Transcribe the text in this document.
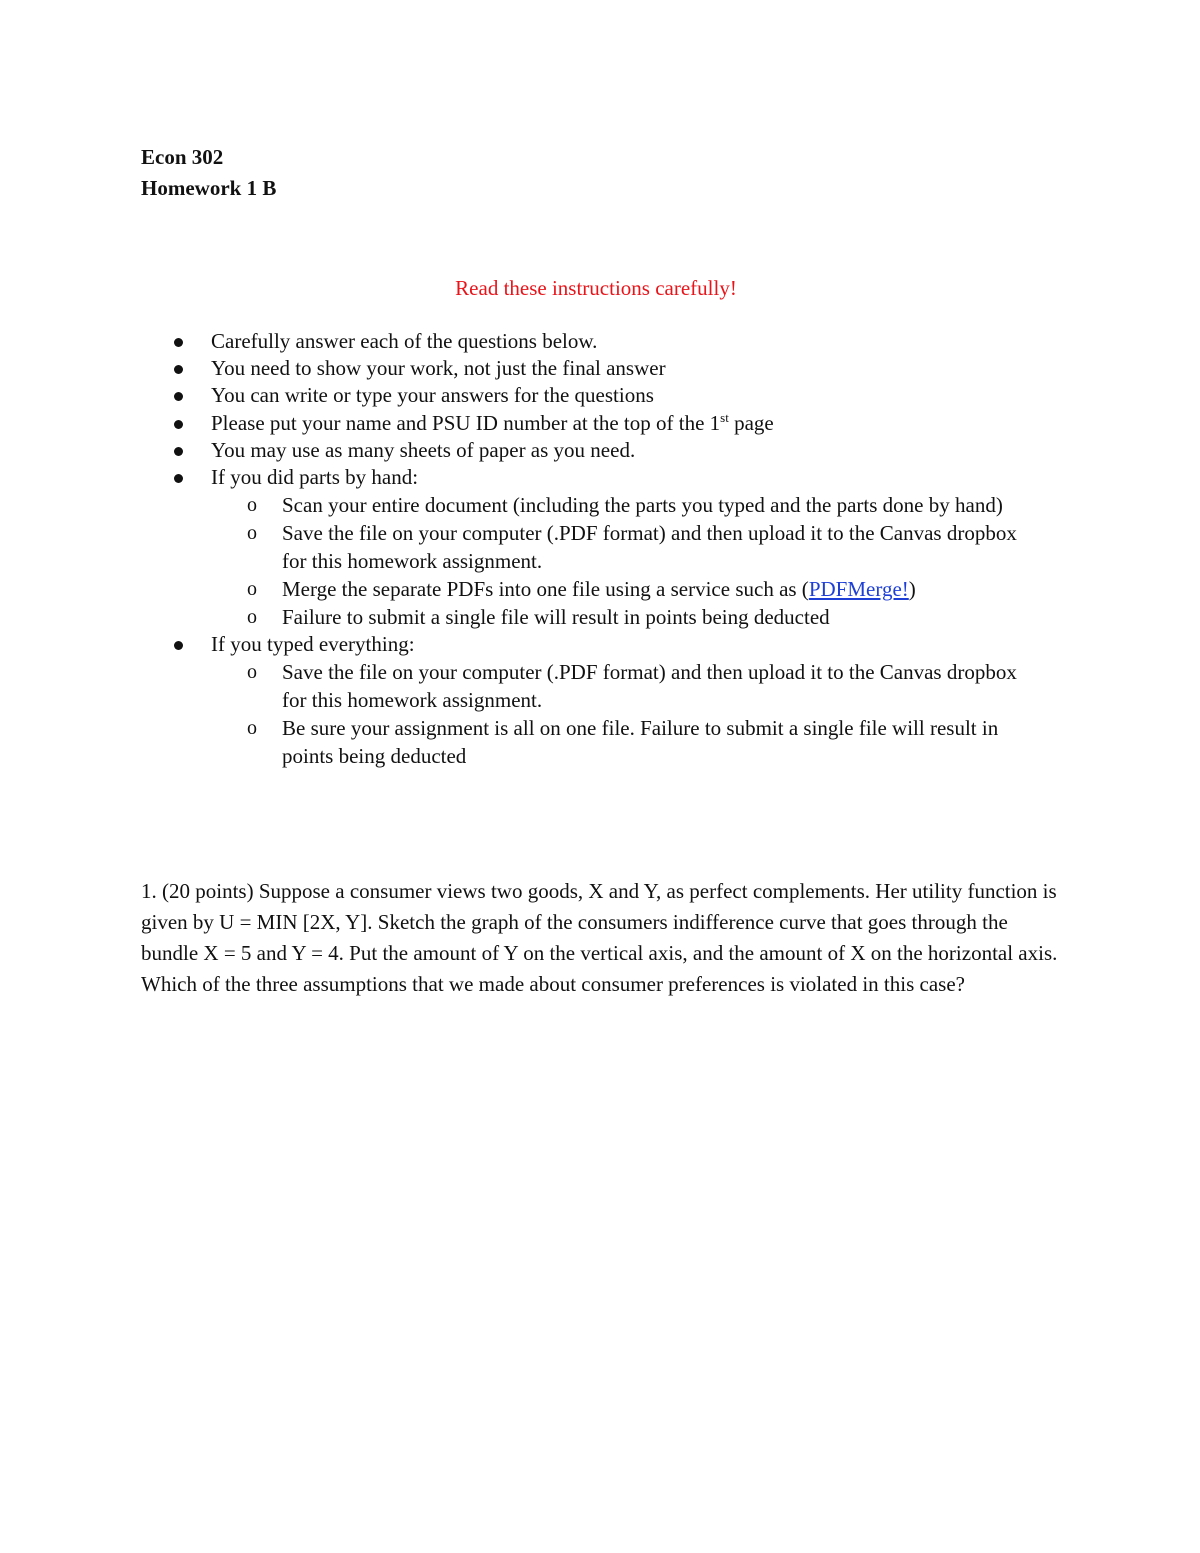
Econ 302
Homework 1 B
Read these instructions carefully!
Carefully answer each of the questions below.
You need to show your work, not just the final answer
You can write or type your answers for the questions
Please put your name and PSU ID number at the top of the 1st page
You may use as many sheets of paper as you need.
If you did parts by hand:
o Scan your entire document (including the parts you typed and the parts done by hand)
o Save the file on your computer (.PDF format) and then upload it to the Canvas dropbox for this homework assignment.
o Merge the separate PDFs into one file using a service such as (PDFMerge!)
o Failure to submit a single file will result in points being deducted
If you typed everything:
o Save the file on your computer (.PDF format) and then upload it to the Canvas dropbox for this homework assignment.
o Be sure your assignment is all on one file. Failure to submit a single file will result in points being deducted
1. (20 points) Suppose a consumer views two goods, X and Y, as perfect complements. Her utility function is given by U = MIN [2X, Y]. Sketch the graph of the consumers indifference curve that goes through the bundle X = 5 and Y = 4. Put the amount of Y on the vertical axis, and the amount of X on the horizontal axis. Which of the three assumptions that we made about consumer preferences is violated in this case?
